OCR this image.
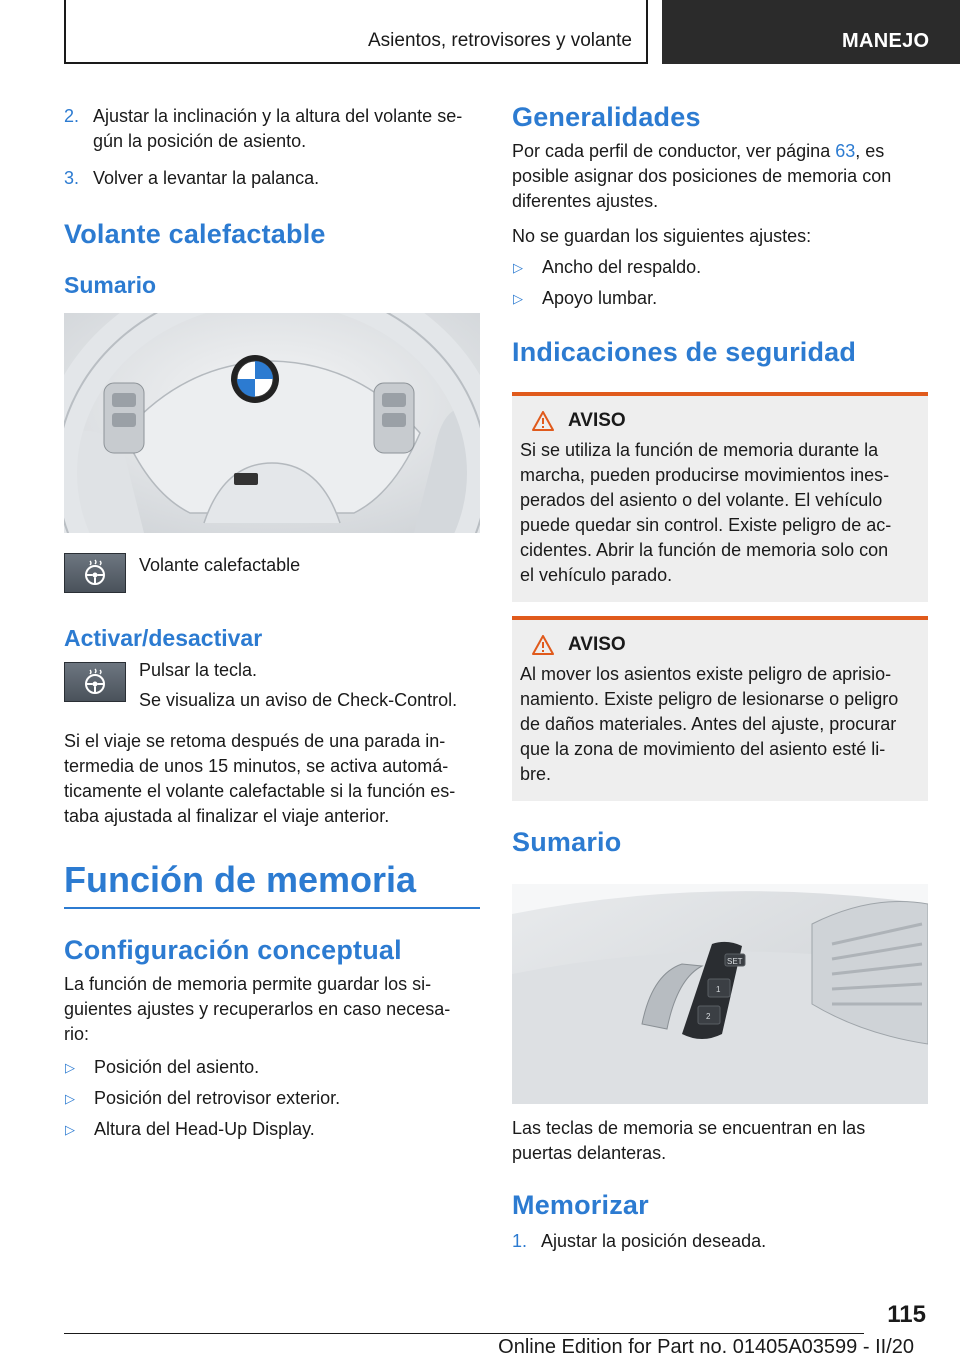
Asientos, retrovisores y volante	MANEJO
2. Ajustar la inclinación y la altura del volante se-
gún la posición de asiento.
3. Volver a levantar la palanca.
Volante calefactable
Sumario
Volante calefactable
Activar/desactivar

Pulsar la tecla.

Se visualiza un aviso de Check-Control.

Si el viaje se retoma después de una parada in-
termedia de unos 15 minutos, se activa automá-
ticamente el volante calefactable si la función es-
taba ajustada al finalizar el viaje anterior.

Función de memoria
Configuración conceptual

La función de memoria permite guardar los si-
guientes ajustes y recuperarlos en caso necesa-
rio:

▷	Posición del asiento.
▷	Posición del retrovisor exterior.
▷	Altura del Head-Up Display.
Generalidades

Por cada perfil de conductor, ver página 63, es
posible asignar dos posiciones de memoria con
diferentes ajustes.

No se guardan los siguientes ajustes:

▷	Ancho del respaldo.
▷	Apoyo lumbar.
Indicaciones de seguridad
AVISO

Si se utiliza la función de memoria durante la
marcha, pueden producirse movimientos ines-
perados del asiento o del volante. El vehículo
puede quedar sin control. Existe peligro de ac-
cidentes. Abrir la función de memoria solo con
el vehículo parado.

AVISO

Al mover los asientos existe peligro de aprisio-
namiento. Existe peligro de lesionarse o peligro
de daños materiales. Antes del ajuste, procurar
que la zona de movimiento del asiento esté li-
bre.

Sumario
SET
1
2

Las teclas de memoria se encuentran en las
puertas delanteras.

Memorizar
1. Ajustar la posición deseada.
115
Online Edition for Part no. 01405A03599 - II/20
